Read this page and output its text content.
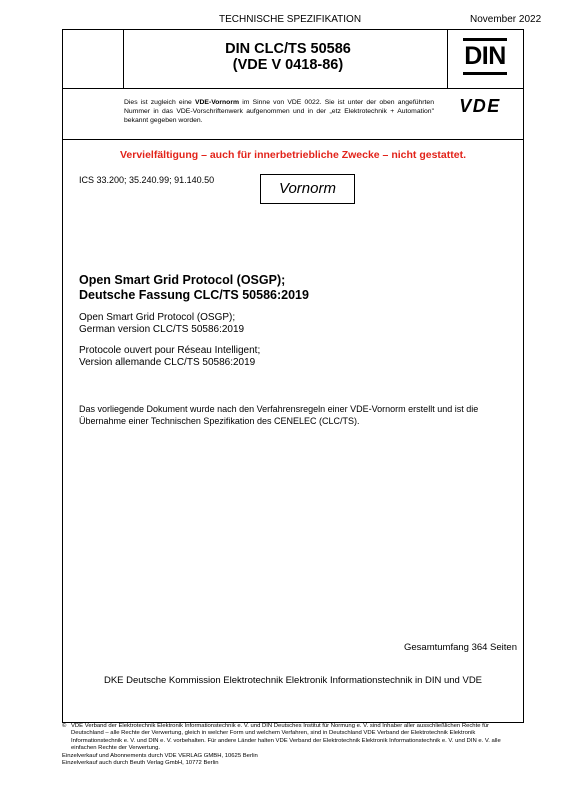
TECHNISCHE SPEZIFIKATION	November 2022
DIN CLC/TS 50586
(VDE V 0418-86)	DIN
Dies ist zugleich eine VDE-Vornorm im Sinne von VDE 0022. Sie ist unter der oben angeführten Nummer in das VDE-Vorschriftenwerk aufgenommen und in der „etz Elektrotechnik + Automation" bekannt gegeben worden.
VDE
Vervielfältigung – auch für innerbetriebliche Zwecke – nicht gestattet.
ICS 33.200; 35.240.99; 91.140.50	Vornorm
Open Smart Grid Protocol (OSGP);
Deutsche Fassung CLC/TS 50586:2019
Open Smart Grid Protocol (OSGP);
German version CLC/TS 50586:2019
Protocole ouvert pour Réseau Intelligent;
Version allemande CLC/TS 50586:2019
Das vorliegende Dokument wurde nach den Verfahrensregeln einer VDE-Vornorm erstellt und ist die Übernahme einer Technischen Spezifikation des CENELEC (CLC/TS).
Gesamtumfang 364 Seiten
DKE Deutsche Kommission Elektrotechnik Elektronik Informationstechnik in DIN und VDE
© VDE Verband der Elektrotechnik Elektronik Informationstechnik e. V. und DIN Deutsches Institut für Normung e. V. sind Inhaber aller ausschließlichen Rechte für Deutschland – alle Rechte der Verwertung, gleich in welcher Form und welchem Verfahren, sind in Deutschland VDE Verband der Elektrotechnik Elektronik Informationstechnik e. V. und DIN e. V. vorbehalten. Für andere Länder halten VDE Verband der Elektrotechnik Elektronik Informationstechnik e. V. und DIN e. V. alle einfachen Rechte der Verwertung.
Einzelverkauf und Abonnements durch VDE VERLAG GMBH, 10625 Berlin
Einzelverkauf auch durch Beuth Verlag GmbH, 10772 Berlin
